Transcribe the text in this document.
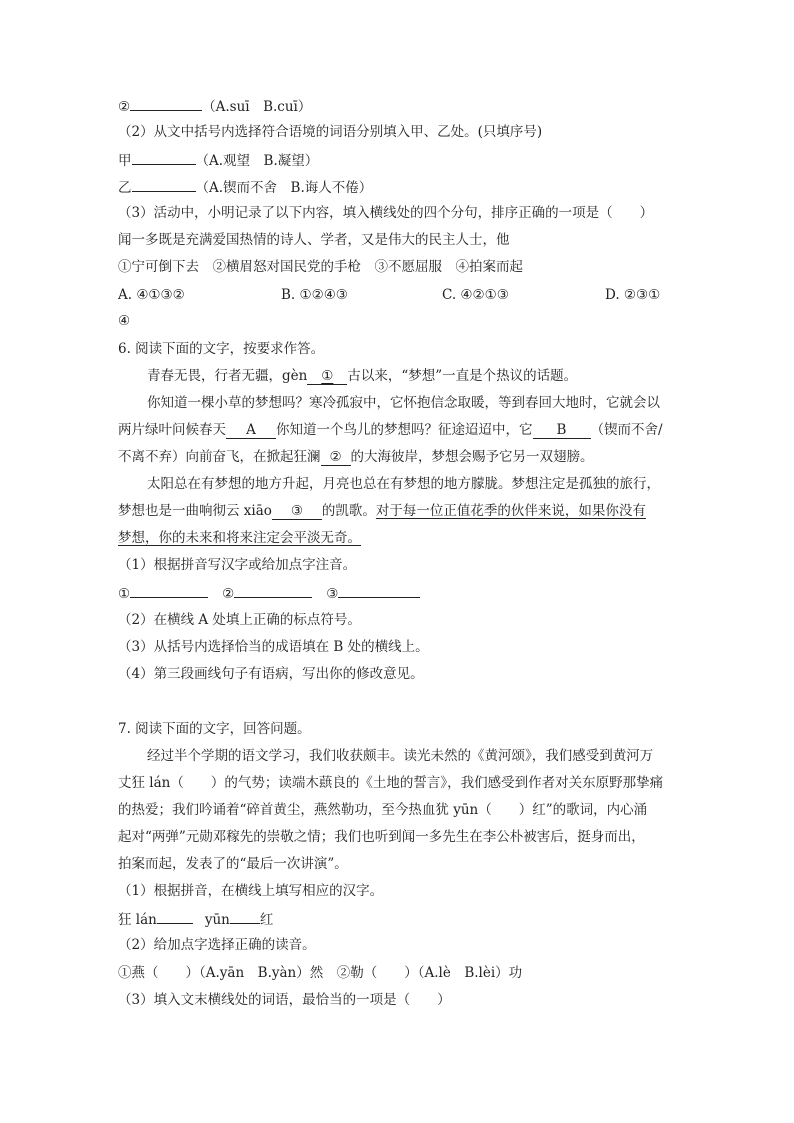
②	（A.suī　B.cuī）
（2）从文中括号内选择符合语境的词语分别填入甲、乙处。(只填序号)
甲	（A.观望　B.凝望）
乙	（A.锲而不舍　B.诲人不倦）
（3）活动中，小明记录了以下内容，填入横线处的四个分句，排序正确的一项是（　　）
闻一多既是充满爱国热情的诗人、学者，又是伟大的民主人士，他
①宁可倒下去　②横眉怒对国民党的手枪　③不愿屈服　④拍案而起
A. ④①③②	B. ①②④③	C. ④②①③	D. ②③①
④
6. 阅读下面的文字，按要求作答。
青春无畏，行者无疆，gèn ① 古以来，“梦想”一直是个热议的话题。
你知道一棵小草的梦想吗？寒冷孤寂中，它怀抱信念取暖，等到春回大地时，它就会以
两片绿叶问候春天 A 你知道一个鸟儿的梦想吗？征途迢迢中，它 B （锲而不舍/
不离不弃）向前奋飞，在掀起狂澜 ② 的大海彼岸，梦想会赐予它另一双翅膀。
太阳总在有梦想的地方升起，月亮也总在有梦想的地方朦胧。梦想注定是孤独的旅行，
梦想也是一曲响彻云 xiāo ③ 的凯歌。对于每一位正值花季的伙伴来说，如果你没有
梦想，你的未来和将来注定会平淡无奇。
（1）根据拼音写汉字或给加点字注音。
①	②	③
（2）在横线 A 处填上正确的标点符号。
（3）从括号内选择恰当的成语填在 B 处的横线上。
（4）第三段画线句子有语病，写出你的修改意见。
7. 阅读下面的文字，回答问题。
经过半个学期的语文学习，我们收获颇丰。读光未然的《黄河颂》，我们感受到黄河万
丈狂 lán（　　）的气势；读端木蕻良的《土地的誓言》，我们感受到作者对关东原野那挚痛
的热爱；我们吟诵着“碎首黄尘，燕然勒功，至今热血犹 yūn（　　）红”的歌词，内心涌
起对“两弹”元勋邓稼先的崇敬之情；我们也听到闻一多先生在李公朴被害后，挺身而出，
拍案而起，发表了的“最后一次讲演”。
（1）根据拼音，在横线上填写相应的汉字。
狂 lán	yūn 红
（2）给加点字选择正确的读音。
①燕（　　）（A.yān　B.yàn）然　②勒（　　）（A.lè　B.lèi）功
（3）填入文末横线处的词语，最恰当的一项是（　　）
